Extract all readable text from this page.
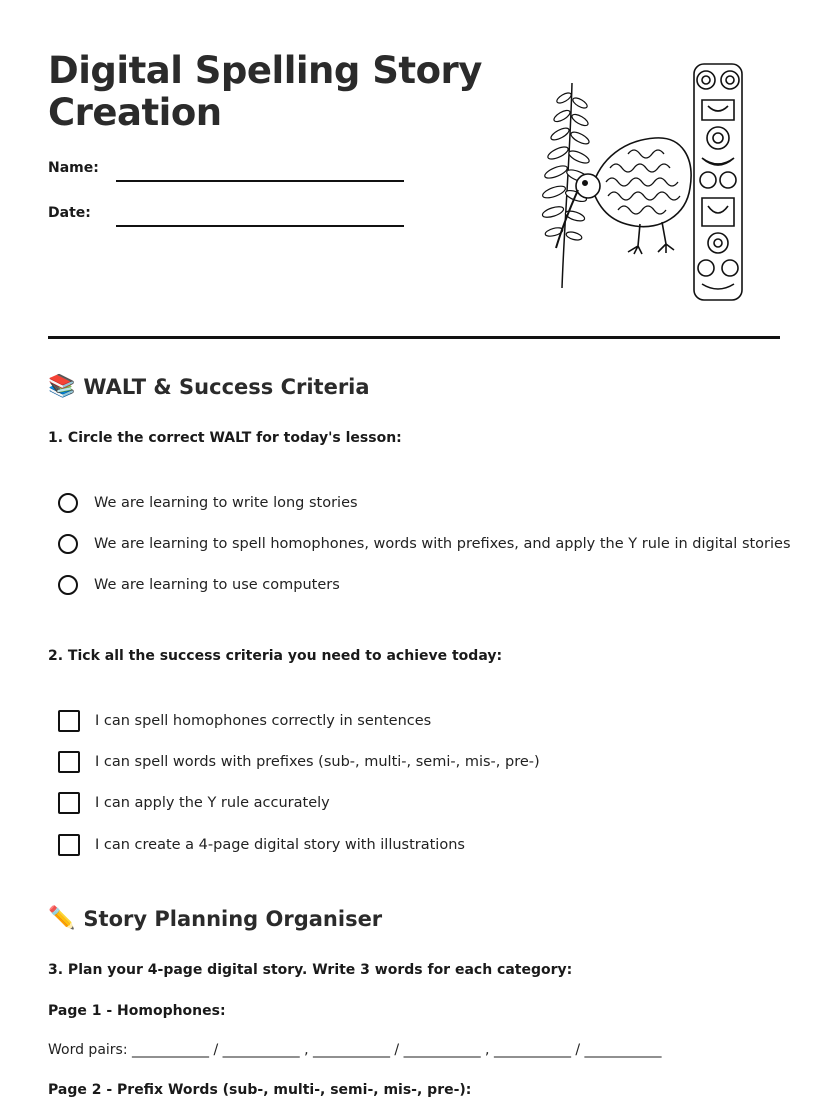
Digital Spelling Story Creation
Name:
Date:
📚 WALT & Success Criteria
1. Circle the correct WALT for today's lesson:
We are learning to write long stories
We are learning to spell homophones, words with prefixes, and apply the Y rule in digital stories
We are learning to use computers
2. Tick all the success criteria you need to achieve today:
I can spell homophones correctly in sentences
I can spell words with prefixes (sub-, multi-, semi-, mis-, pre-)
I can apply the Y rule accurately
I can create a 4-page digital story with illustrations
✏️ Story Planning Organiser
3. Plan your 4-page digital story. Write 3 words for each category:
Page 1 - Homophones:
Word pairs: ___________ / ___________ , ___________ / ___________ , ___________ / ___________
Page 2 - Prefix Words (sub-, multi-, semi-, mis-, pre-):
